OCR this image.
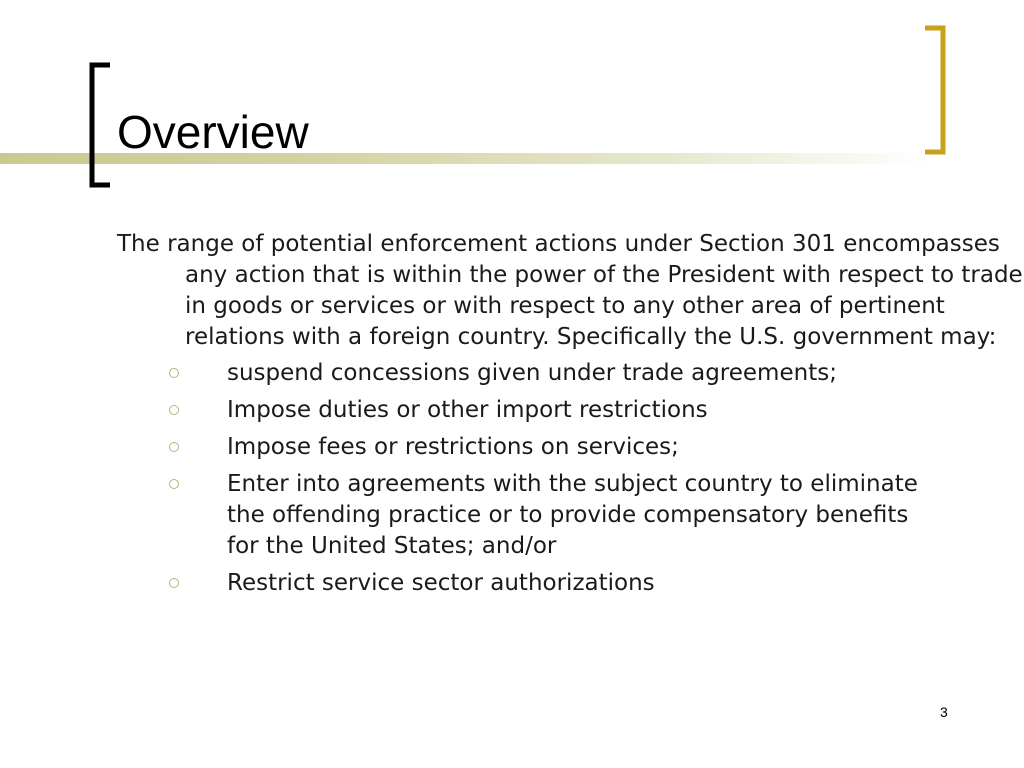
Overview

The range of potential enforcement actions under Section 301 encompasses any action that is within the power of the President with respect to trade in goods or services or with respect to any other area of pertinent relations with a foreign country. Specifically the U.S. government may:

suspend concessions given under trade agreements;
Impose duties or other import restrictions
Impose fees or restrictions on services;
Enter into agreements with the subject country to eliminate the offending practice or to provide compensatory benefits for the United States; and/or
Restrict service sector authorizations
3
